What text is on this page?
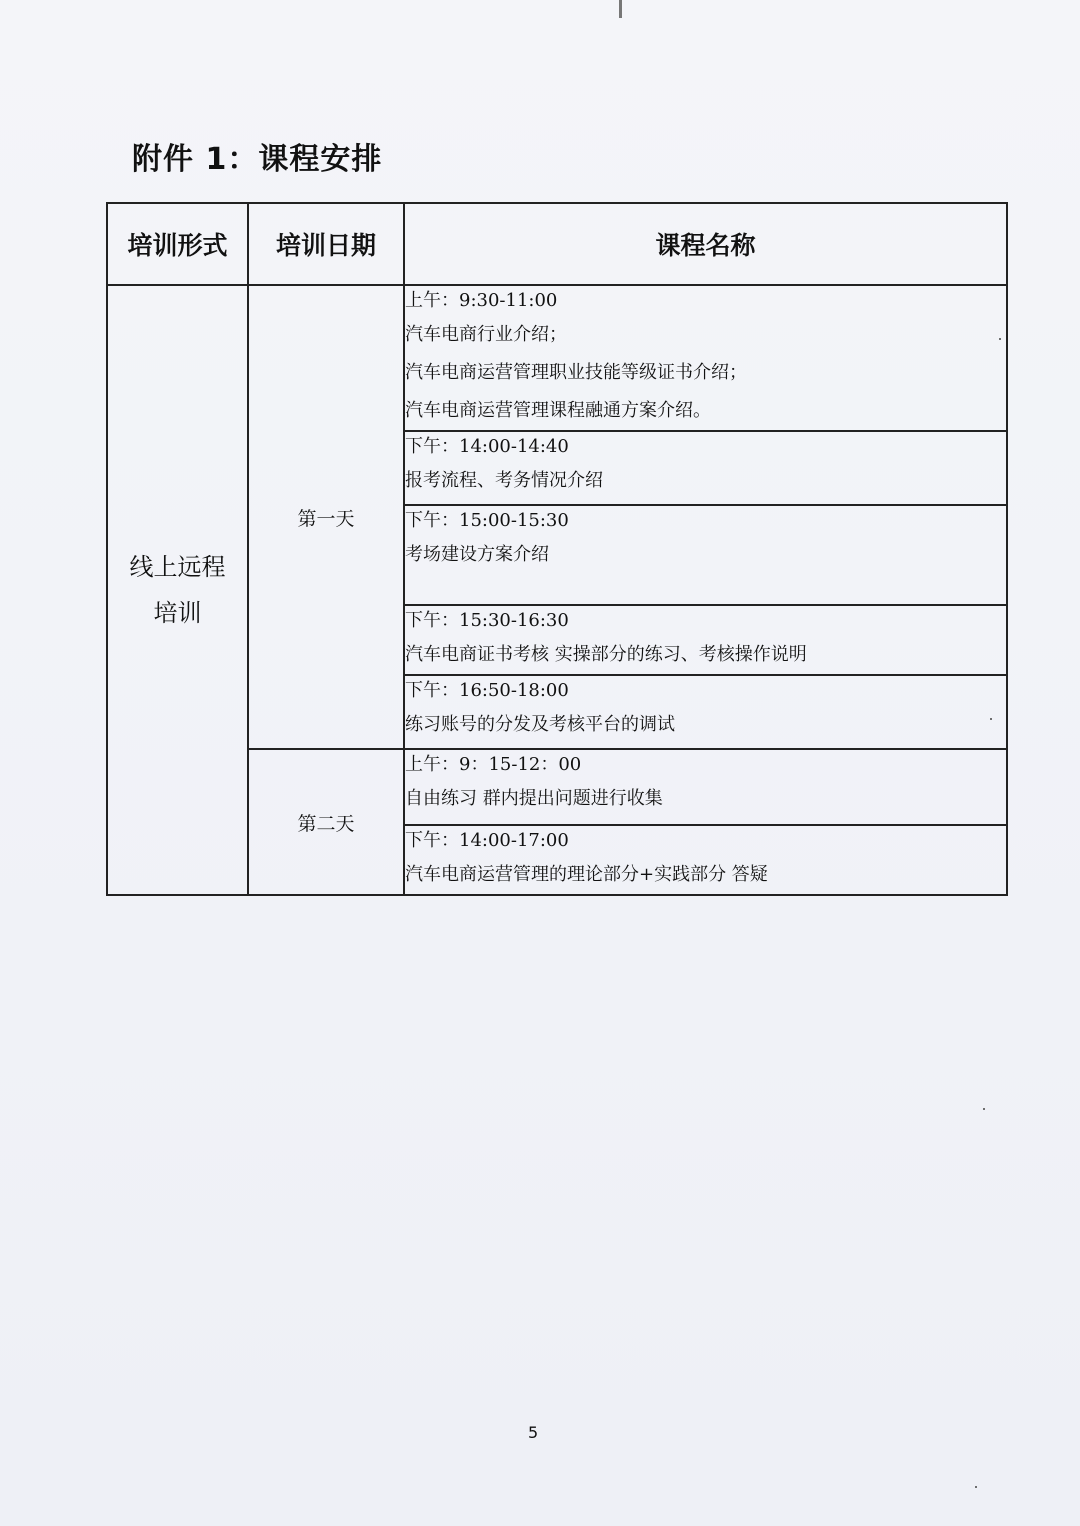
附件 1：课程安排
培训形式	培训日期	课程名称
线上远程
培训	第一天	上午：9:30-11:00
汽车电商行业介绍；
汽车电商运营管理职业技能等级证书介绍；
汽车电商运营管理课程融通方案介绍。

		下午：14:00-14:40
报考流程、考务情况介绍

		下午：15:00-15:30
考场建设方案介绍

		下午：15:30-16:30
汽车电商证书考核 实操部分的练习、考核操作说明

		下午：16:50-18:00
练习账号的分发及考核平台的调试

	第二天	上午：9：15-12：00
自由练习 群内提出问题进行收集

		下午：14:00-17:00
汽车电商运营管理的理论部分+实践部分 答疑
5
